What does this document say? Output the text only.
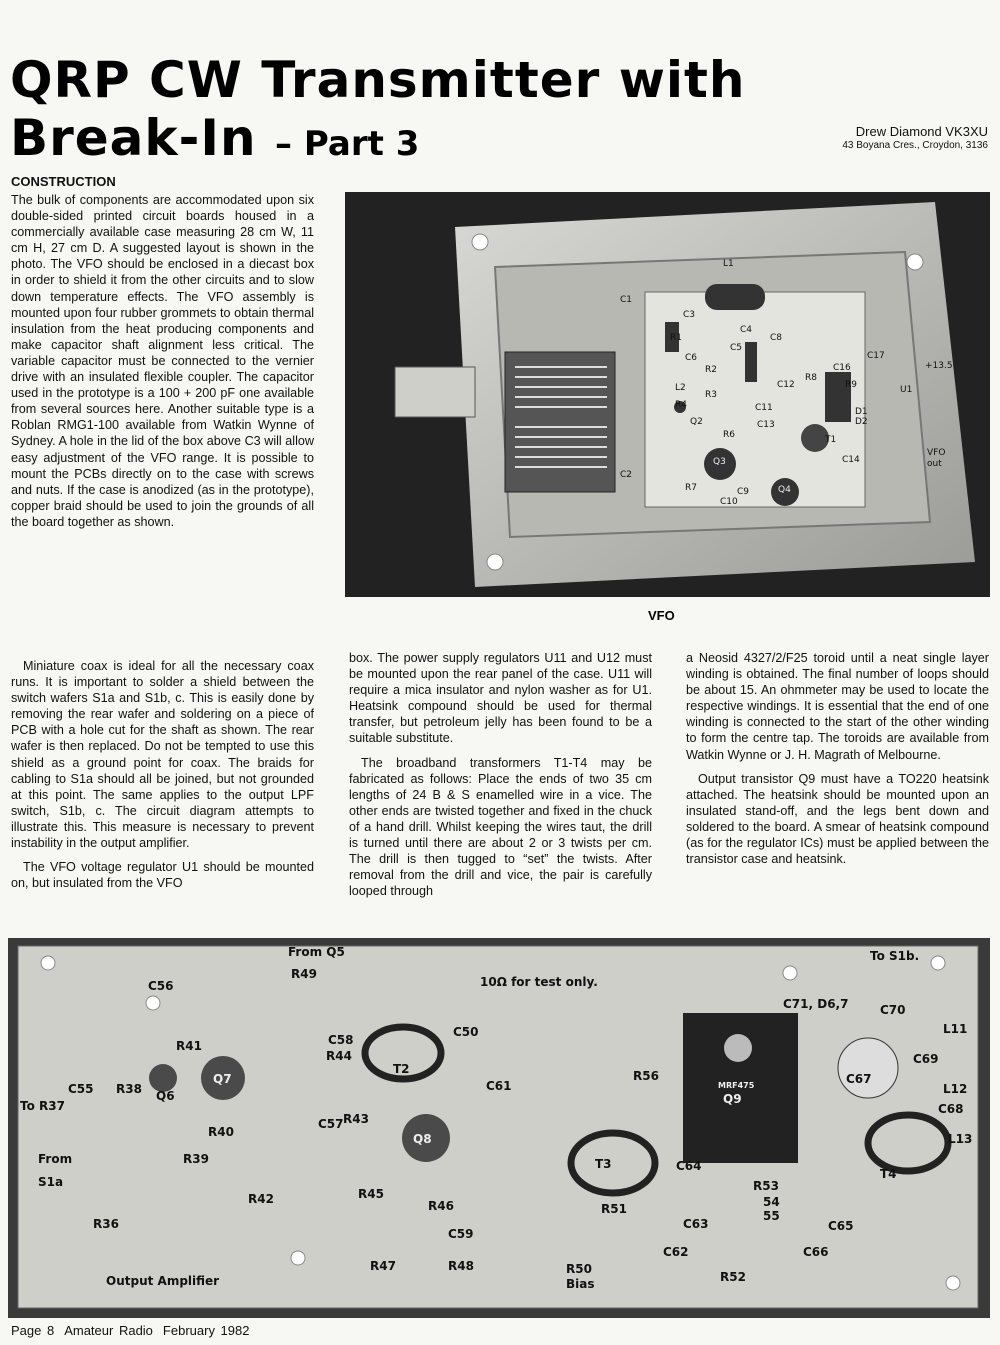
QRP CW Transmitter with
Break-In – Part 3	Drew Diamond VK3XU
43 Boyana Cres., Croydon, 3136
CONSTRUCTION

The bulk of components are accommodated upon six double-sided printed circuit boards housed in a commercially available case measuring 28 cm W, 11 cm H, 27 cm D. A suggested layout is shown in the photo. The VFO should be enclosed in a diecast box in order to shield it from the other circuits and to slow down temperature effects. The VFO assembly is mounted upon four rubber grommets to obtain thermal insulation from the heat producing components and make capacitor shaft alignment less critical. The variable capacitor must be connected to the vernier drive with an insulated flexible coupler. The capacitor used in the prototype is a 100 + 200 pF one available from several sources here. Another suitable type is a Roblan RMG1-100 available from Watkin Wynne of Sydney. A hole in the lid of the box above C3 will allow easy adjustment of the VFO range. It is possible to mount the PCBs directly on to the case with screws and nuts. If the case is anodized (as in the prototype), copper braid should be used to join the grounds of all the board together as shown.

Miniature coax is ideal for all the necessary coax runs. It is important to solder a shield between the switch wafers S1a and S1b, c. This is easily done by removing the rear wafer and soldering on a piece of PCB with a hole cut for the shaft as shown. The rear wafer is then replaced. Do not be tempted to use this shield as a ground point for coax. The braids for cabling to S1a should all be joined, but not grounded at this point. The same applies to the output LPF switch, S1b, c. The circuit diagram attempts to illustrate this. This measure is necessary to prevent instability in the output amplifier.

The VFO voltage regulator U1 should be mounted on, but insulated from the VFO

box. The power supply regulators U11 and U12 must be mounted upon the rear panel of the case. U11 will require a mica insulator and nylon washer as for U1. Heatsink compound should be used for thermal transfer, but petroleum jelly has been found to be a suitable substitute.

The broadband transformers T1-T4 may be fabricated as follows: Place the ends of two 35 cm lengths of 24 B & S enamelled wire in a vice. The other ends are twisted together and fixed in the chuck of a hand drill. Whilst keeping the wires taut, the drill is turned until there are about 2 or 3 twists per cm. The drill is then tugged to “set” the twists. After removal from the drill and vice, the pair is carefully looped through

a Neosid 4327/2/F25 toroid until a neat single layer winding is obtained. The final number of loops should be about 15. An ohmmeter may be used to locate the respective windings. It is essential that the end of one winding is connected to the start of the other winding to form the centre tap. The toroids are available from Watkin Wynne or J. H. Magrath of Melbourne.

Output transistor Q9 must have a TO220 heatsink attached. The heatsink should be mounted upon an insulated stand-off, and the legs bent down and soldered to the board. A smear of heatsink compound (as for the regulator ICs) must be applied between the transistor case and heatsink.

L1
C1
C3
C4
C5
C6
C8
R1
R2
L2
R4
R3
Q2
Q3
Q4
R6
R7
C2
C9
C10
C11
C12
C13
C14
C16
C17
R8
R9
D1
D2
T1
U1
+13.5
VFO
out
VFO
From Q5
R49
10Ω for test only.
To S1b.
C56
C58
R44
C50
T2
C71, D6,7	C70
L11
C69
C67
L12
C68
L13
R41
C55 R38
To R37
Q6
Q7
R40
R43
C57
C61
R56
Q9
MRF475
C64
T4
From
S1a
R39
Q8
T3
R36
R42	R45
R46
C59
R51
R53
54
55
C65
C63
C62	C66
R47	R48	R50
Bias	R52
Output Amplifier
Page 8 Amateur Radio February 1982
